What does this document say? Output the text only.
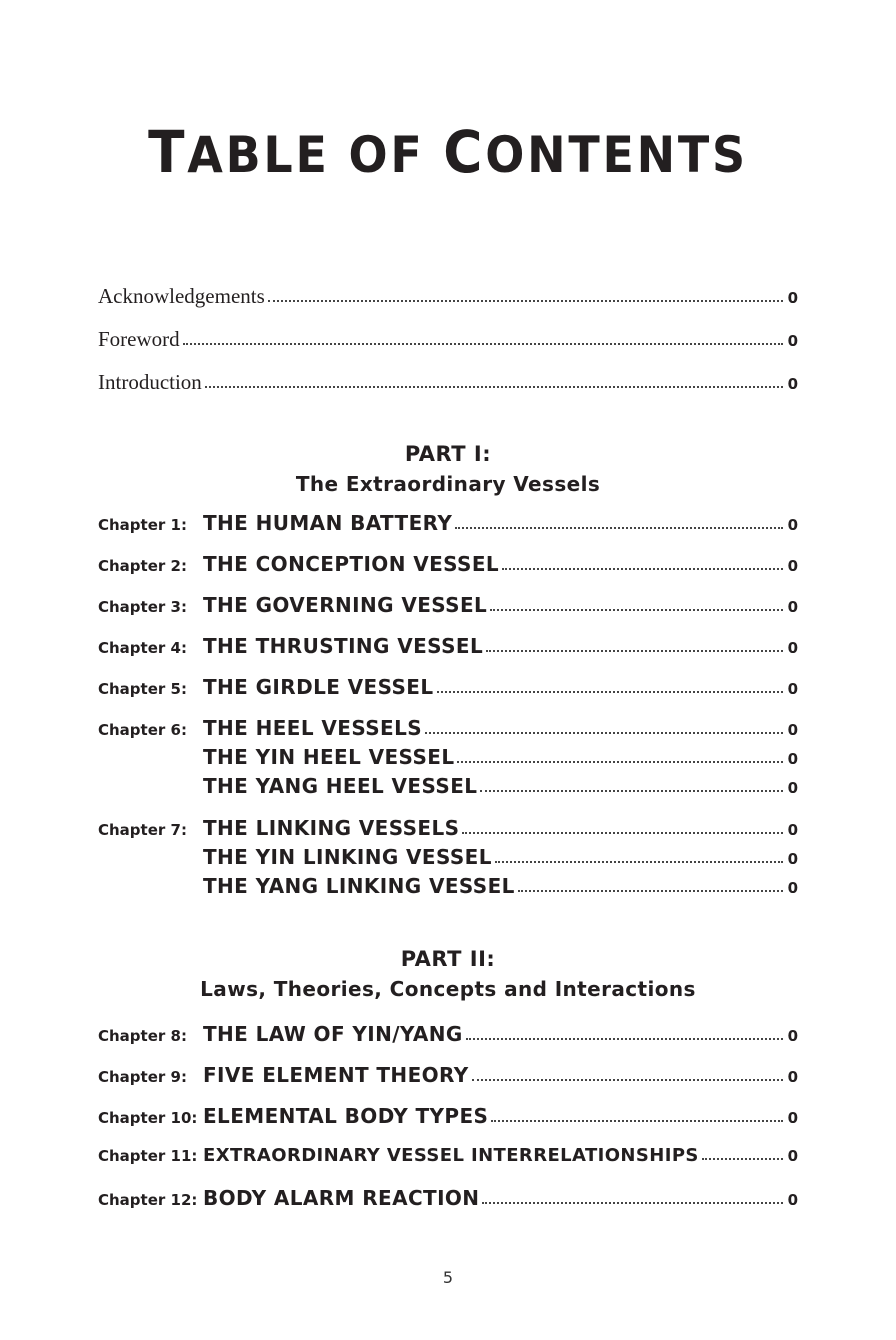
TABLE OF CONTENTS
Acknowledgements	0
Foreword	0
Introduction	0
PART I:
The Extraordinary Vessels
Chapter 1: THE HUMAN BATTERY	0
Chapter 2: THE CONCEPTION VESSEL	0
Chapter 3: THE GOVERNING VESSEL	0
Chapter 4: THE THRUSTING VESSEL	0
Chapter 5: THE GIRDLE VESSEL	0
Chapter 6: THE HEEL VESSELS	0
THE YIN HEEL VESSEL	0
THE YANG HEEL VESSEL	0
Chapter 7: THE LINKING VESSELS	0
THE YIN LINKING VESSEL	0
THE YANG LINKING VESSEL	0
PART II:
Laws, Theories, Concepts and Interactions
Chapter 8: THE LAW OF YIN/YANG	0
Chapter 9: FIVE ELEMENT THEORY	0
Chapter 10: ELEMENTAL BODY TYPES	0
Chapter 11: EXTRAORDINARY VESSEL INTERRELATIONSHIPS	0
Chapter 12: BODY ALARM REACTION	0
5
